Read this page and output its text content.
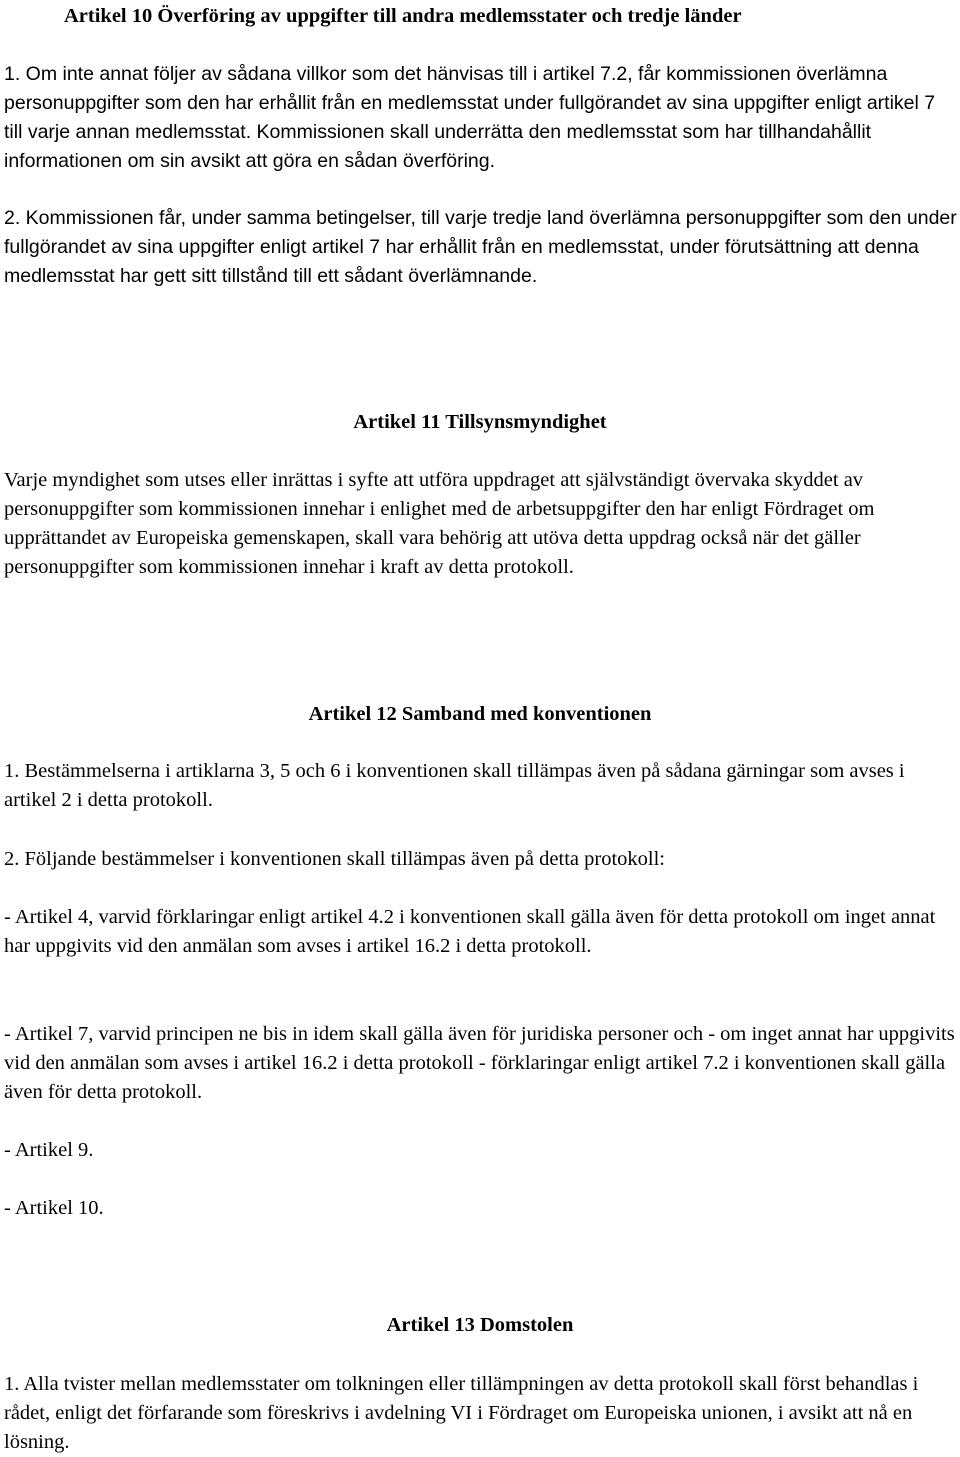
Artikel 10 Överföring av uppgifter till andra medlemsstater och tredje länder

1. Om inte annat följer av sådana villkor som det hänvisas till i artikel 7.2, får kommissionen överlämna personuppgifter som den har erhållit från en medlemsstat under fullgörandet av sina uppgifter enligt artikel 7 till varje annan medlemsstat. Kommissionen skall underrätta den medlemsstat som har tillhandahållit informationen om sin avsikt att göra en sådan överföring.

2. Kommissionen får, under samma betingelser, till varje tredje land överlämna personuppgifter som den under fullgörandet av sina uppgifter enligt artikel 7 har erhållit från en medlemsstat, under förutsättning att denna medlemsstat har gett sitt tillstånd till ett sådant överlämnande.

Artikel 11 Tillsynsmyndighet

Varje myndighet som utses eller inrättas i syfte att utföra uppdraget att självständigt övervaka skyddet av personuppgifter som kommissionen innehar i enlighet med de arbetsuppgifter den har enligt Fördraget om upprättandet av Europeiska gemenskapen, skall vara behörig att utöva detta uppdrag också när det gäller personuppgifter som kommissionen innehar i kraft av detta protokoll.

Artikel 12 Samband med konventionen

1. Bestämmelserna i artiklarna 3, 5 och 6 i konventionen skall tillämpas även på sådana gärningar som avses i artikel 2 i detta protokoll.

2. Följande bestämmelser i konventionen skall tillämpas även på detta protokoll:

- Artikel 4, varvid förklaringar enligt artikel 4.2 i konventionen skall gälla även för detta protokoll om inget annat har uppgivits vid den anmälan som avses i artikel 16.2 i detta protokoll.

- Artikel 7, varvid principen ne bis in idem skall gälla även för juridiska personer och - om inget annat har uppgivits vid den anmälan som avses i artikel 16.2 i detta protokoll - förklaringar enligt artikel 7.2 i konventionen skall gälla även för detta protokoll.

- Artikel 9.

- Artikel 10.

Artikel 13 Domstolen

1. Alla tvister mellan medlemsstater om tolkningen eller tillämpningen av detta protokoll skall först behandlas i rådet, enligt det förfarande som föreskrivs i avdelning VI i Fördraget om Europeiska unionen, i avsikt att nå en lösning.
